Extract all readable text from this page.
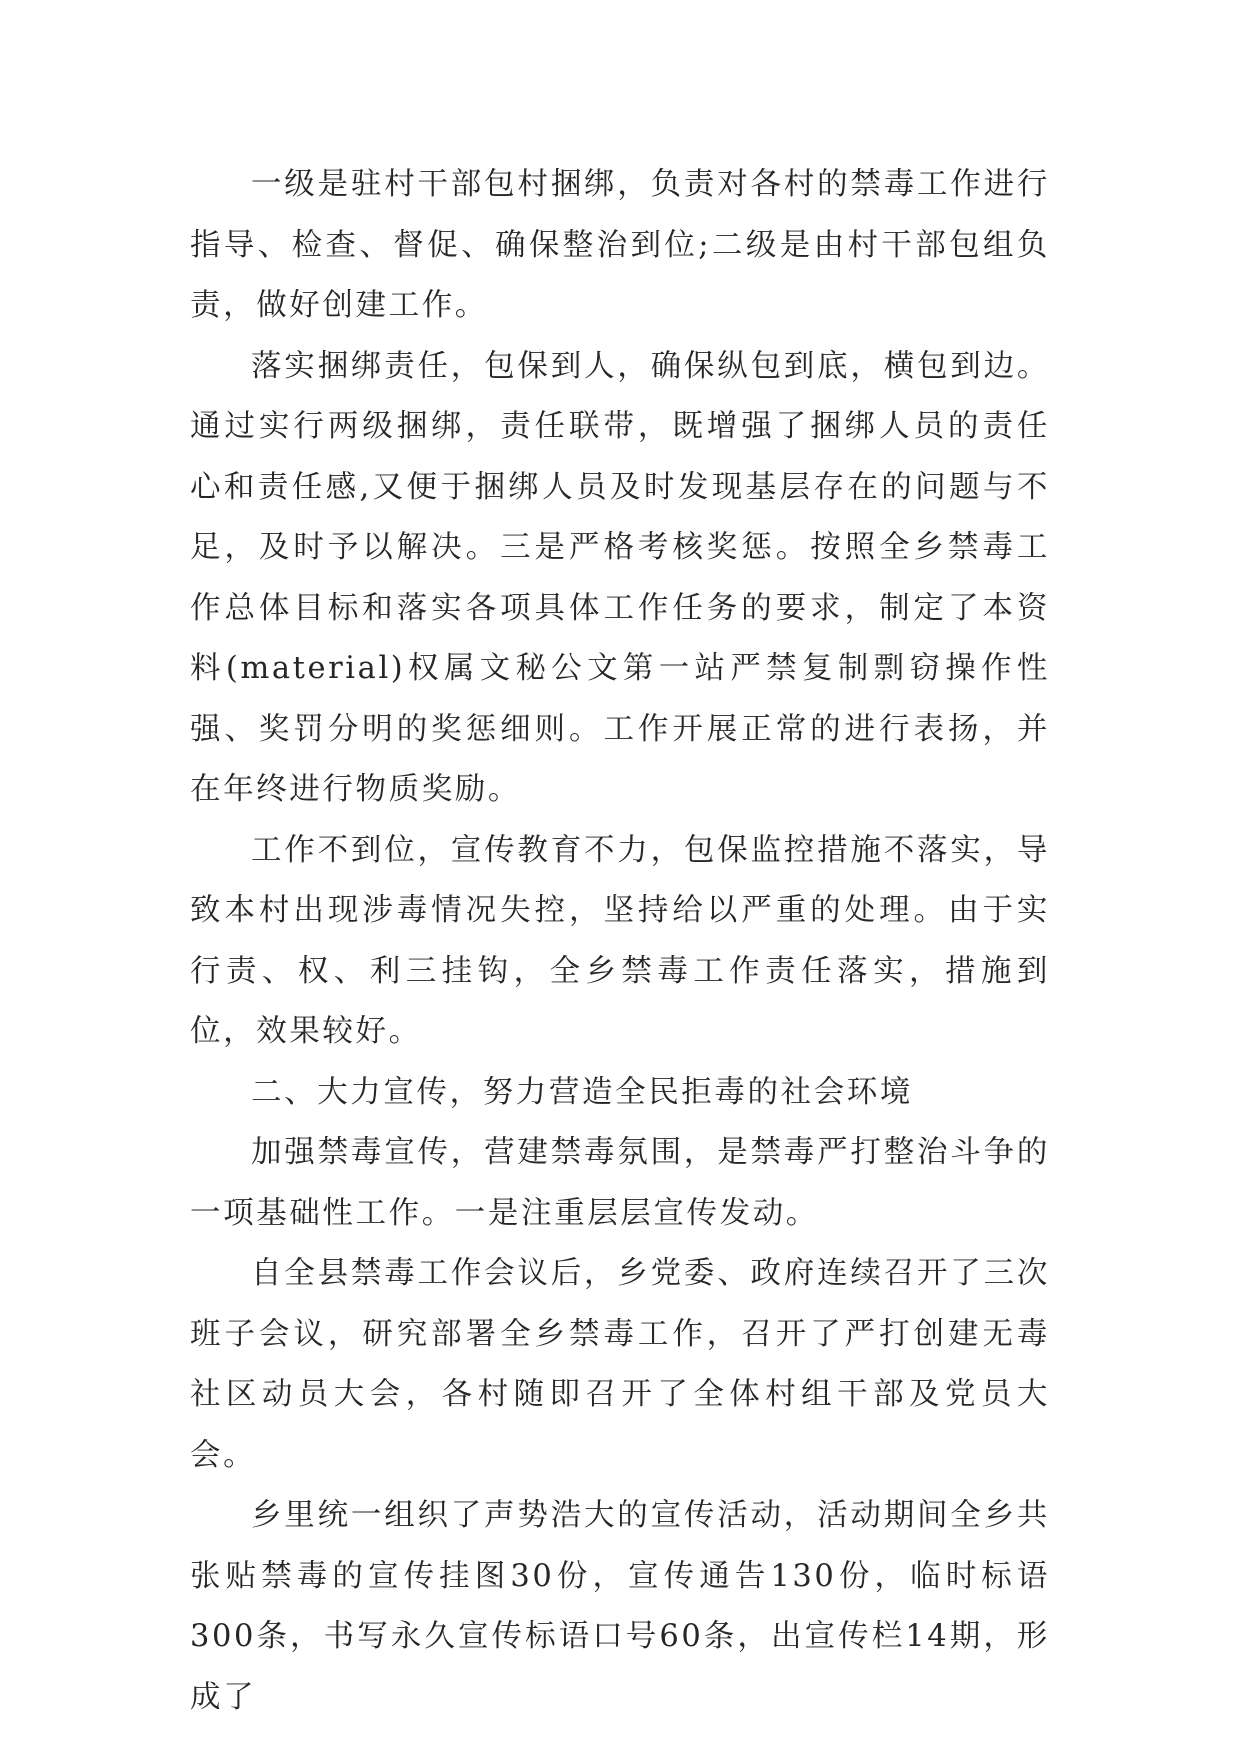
一级是驻村干部包村捆绑，负责对各村的禁毒工作进行指导、检查、督促、确保整治到位;二级是由村干部包组负责，做好创建工作。

落实捆绑责任，包保到人，确保纵包到底，横包到边。通过实行两级捆绑，责任联带，既增强了捆绑人员的责任心和责任感,又便于捆绑人员及时发现基层存在的问题与不足，及时予以解决。三是严格考核奖惩。按照全乡禁毒工作总体目标和落实各项具体工作任务的要求，制定了本资料(material)权属文秘公文第一站严禁复制剽窃操作性强、奖罚分明的奖惩细则。工作开展正常的进行表扬，并在年终进行物质奖励。

工作不到位，宣传教育不力，包保监控措施不落实，导致本村出现涉毒情况失控，坚持给以严重的处理。由于实行责、权、利三挂钩，全乡禁毒工作责任落实，措施到位，效果较好。

二、大力宣传，努力营造全民拒毒的社会环境

加强禁毒宣传，营建禁毒氛围，是禁毒严打整治斗争的一项基础性工作。一是注重层层宣传发动。

自全县禁毒工作会议后，乡党委、政府连续召开了三次班子会议，研究部署全乡禁毒工作，召开了严打创建无毒社区动员大会，各村随即召开了全体村组干部及党员大会。

乡里统一组织了声势浩大的宣传活动，活动期间全乡共张贴禁毒的宣传挂图30份，宣传通告130份，临时标语300条，书写永久宣传标语口号60条，出宣传栏14期，形成了
